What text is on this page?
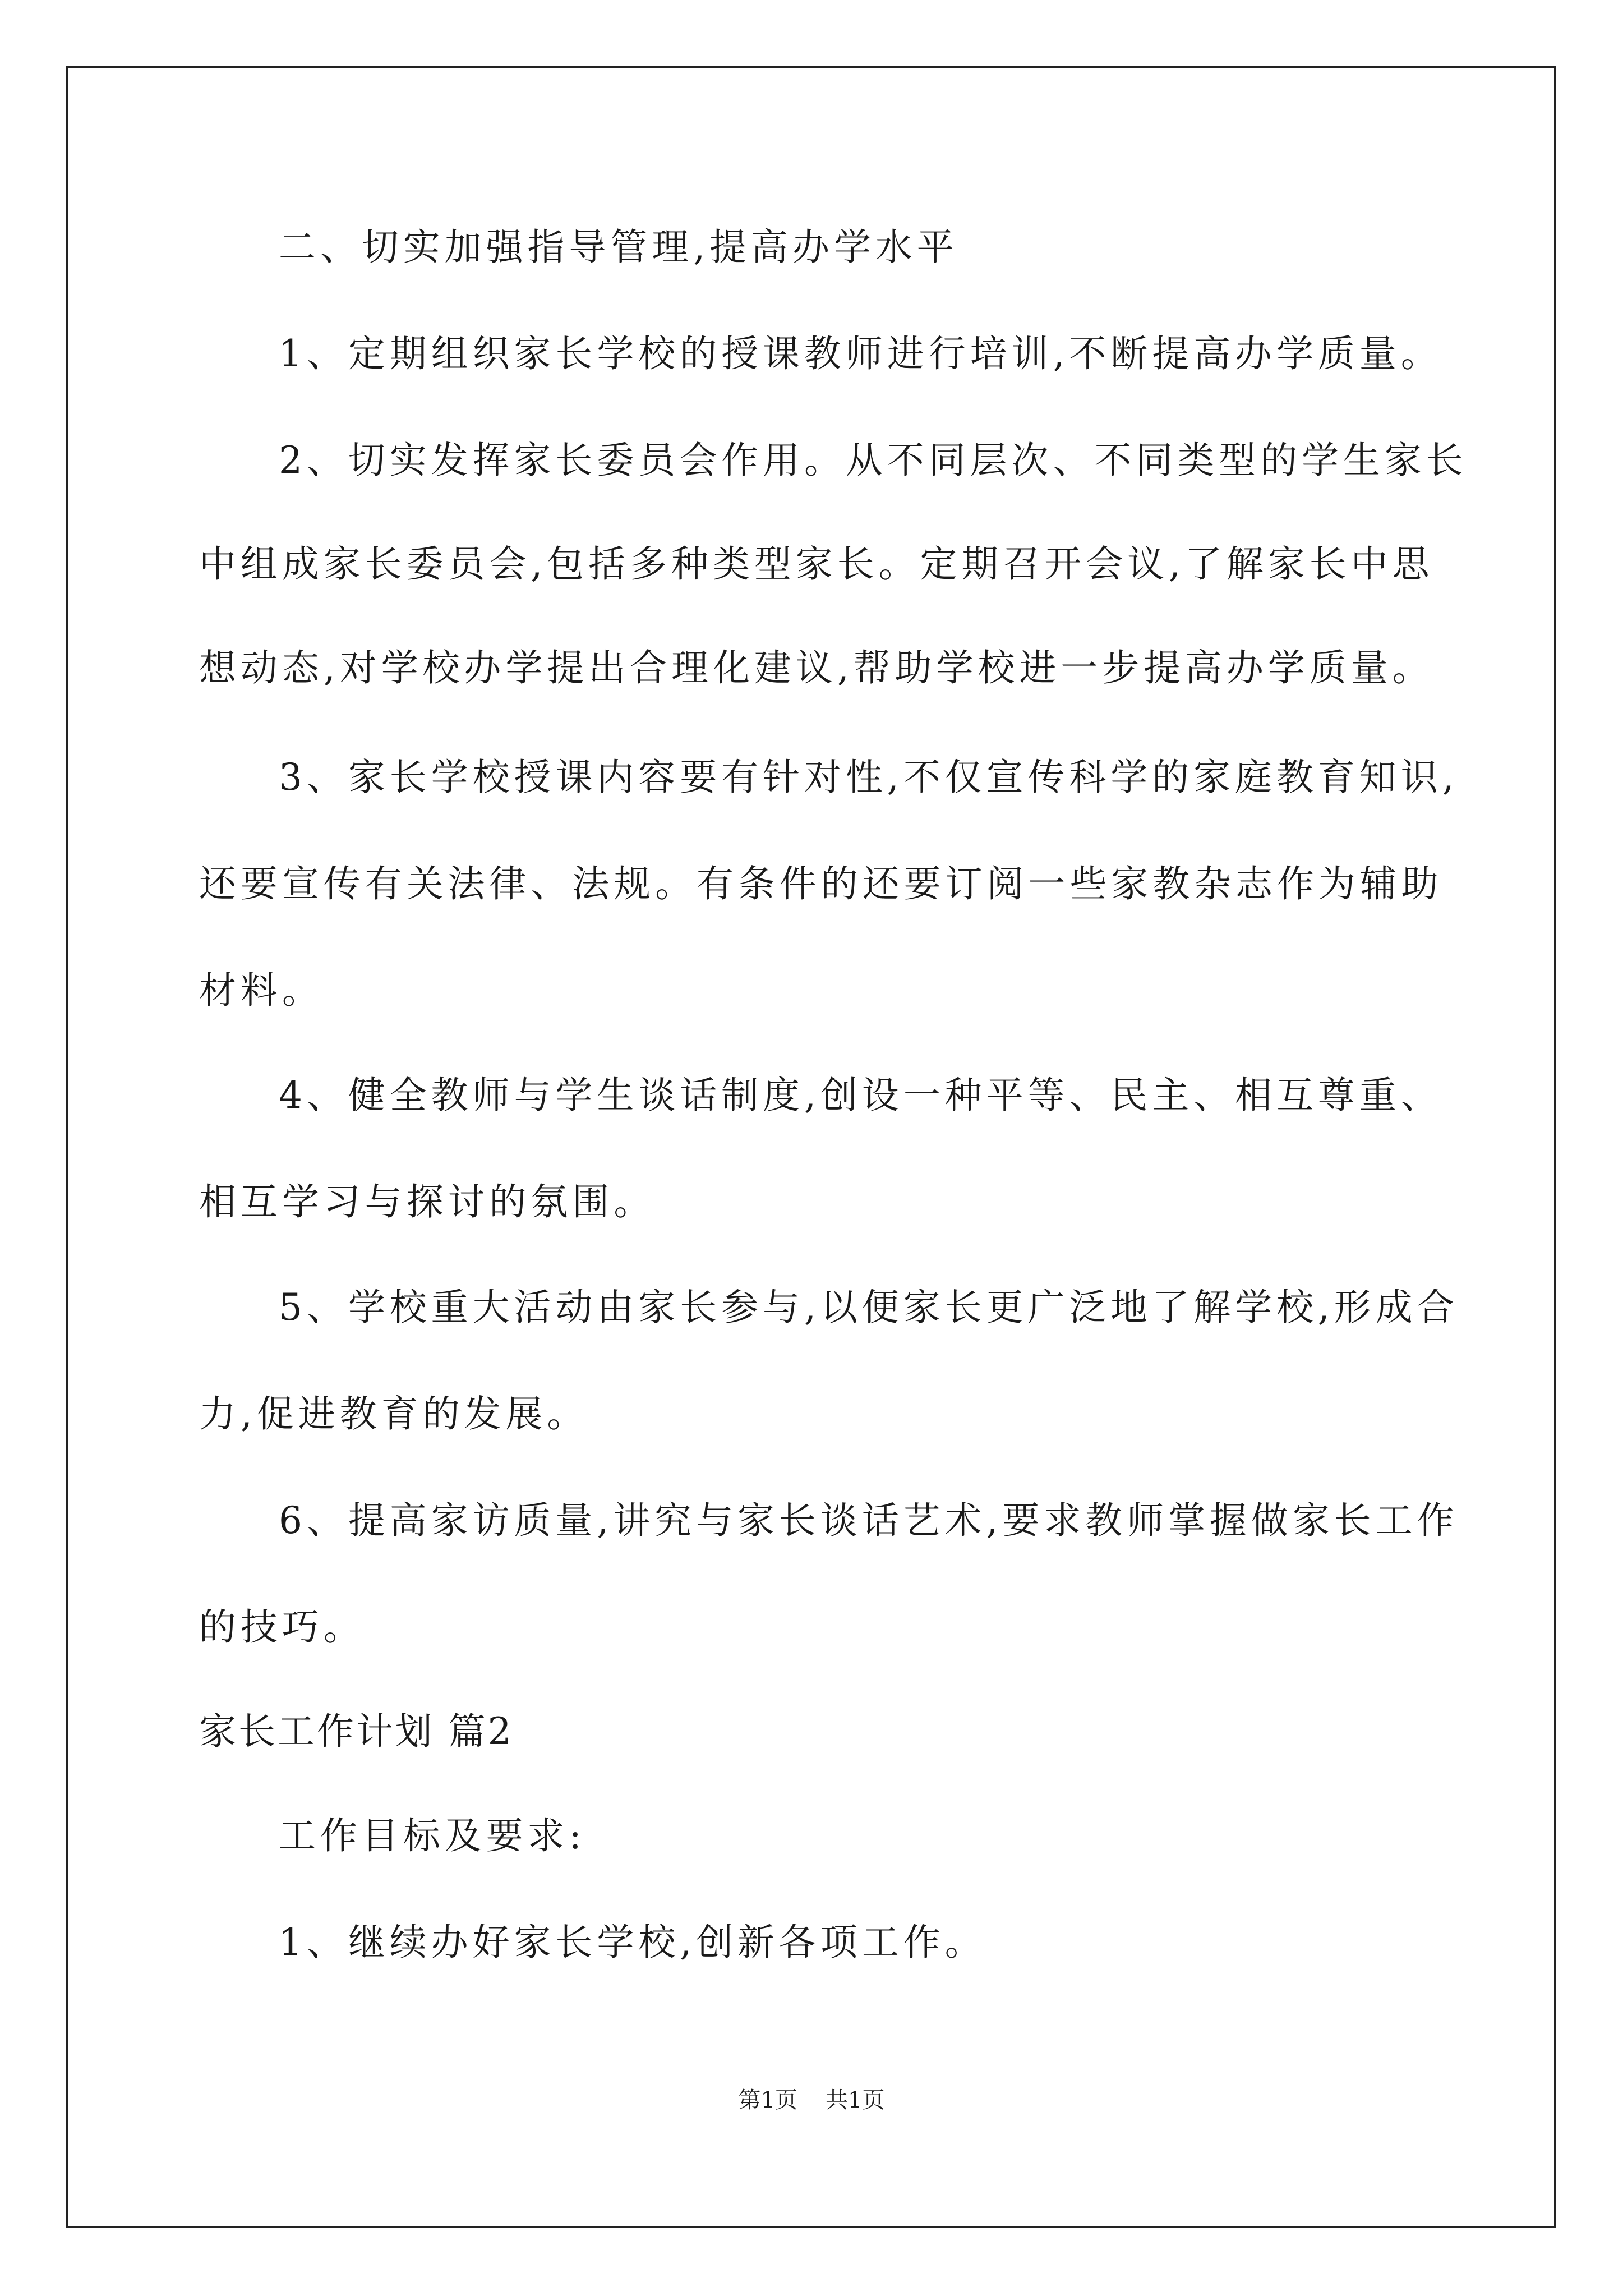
二、切实加强指导管理,提高办学水平
1、定期组织家长学校的授课教师进行培训,不断提高办学质量。
2、切实发挥家长委员会作用。从不同层次、不同类型的学生家长
中组成家长委员会,包括多种类型家长。定期召开会议,了解家长中思
想动态,对学校办学提出合理化建议,帮助学校进一步提高办学质量。
3、家长学校授课内容要有针对性,不仅宣传科学的家庭教育知识,
还要宣传有关法律、法规。有条件的还要订阅一些家教杂志作为辅助
材料。
4、健全教师与学生谈话制度,创设一种平等、民主、相互尊重、
相互学习与探讨的氛围。
5、学校重大活动由家长参与,以便家长更广泛地了解学校,形成合
力,促进教育的发展。
6、提高家访质量,讲究与家长谈话艺术,要求教师掌握做家长工作
的技巧。
家长工作计划 篇2
工作目标及要求:
1、继续办好家长学校,创新各项工作。
第1页 共1页
